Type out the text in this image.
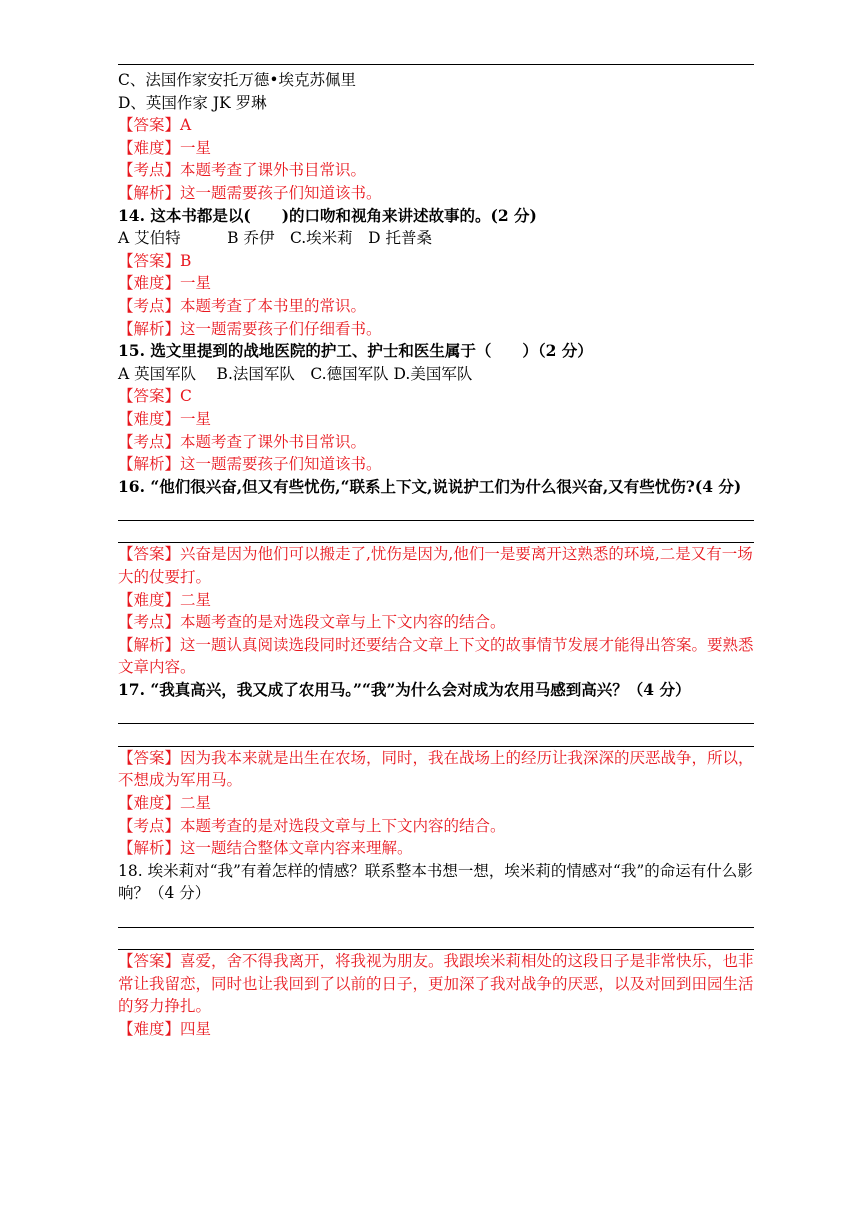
C、法国作家安托万德•埃克苏佩里
D、英国作家 JK 罗琳
【答案】A
【难度】一星
【考点】本题考查了课外书目常识。
【解析】这一题需要孩子们知道该书。
14. 这本书都是以(　　)的口吻和视角来讲述故事的。(2 分)
A 艾伯特　　　B 乔伊　C.埃米莉　D 托普桑
【答案】B
【难度】一星
【考点】本题考查了本书里的常识。
【解析】这一题需要孩子们仔细看书。
15. 选文里提到的战地医院的护工、护士和医生属于（　　）（2 分）
A 英国军队　 B.法国军队　C.德国军队 D.美国军队
【答案】C
【难度】一星
【考点】本题考查了课外书目常识。
【解析】这一题需要孩子们知道该书。
16. “他们很兴奋,但又有些忧伤,“联系上下文,说说护工们为什么很兴奋,又有些忧伤?(4 分)
【答案】兴奋是因为他们可以搬走了,忧伤是因为,他们一是要离开这熟悉的环境,二是又有一场大的仗要打。
【难度】二星
【考点】本题考查的是对选段文章与上下文内容的结合。
【解析】这一题认真阅读选段同时还要结合文章上下文的故事情节发展才能得出答案。要熟悉文章内容。
17. “我真高兴，我又成了农用马。”“我”为什么会对成为农用马感到高兴？（4 分）
【答案】因为我本来就是出生在农场，同时，我在战场上的经历让我深深的厌恶战争，所以，不想成为军用马。
【难度】二星
【考点】本题考查的是对选段文章与上下文内容的结合。
【解析】这一题结合整体文章内容来理解。
18. 埃米莉对“我”有着怎样的情感？联系整本书想一想，埃米莉的情感对“我”的命运有什么影响？（4 分）
【答案】喜爱，舍不得我离开，将我视为朋友。我跟埃米莉相处的这段日子是非常快乐，也非常让我留恋，同时也让我回到了以前的日子，更加深了我对战争的厌恶，以及对回到田园生活的努力挣扎。
【难度】四星
